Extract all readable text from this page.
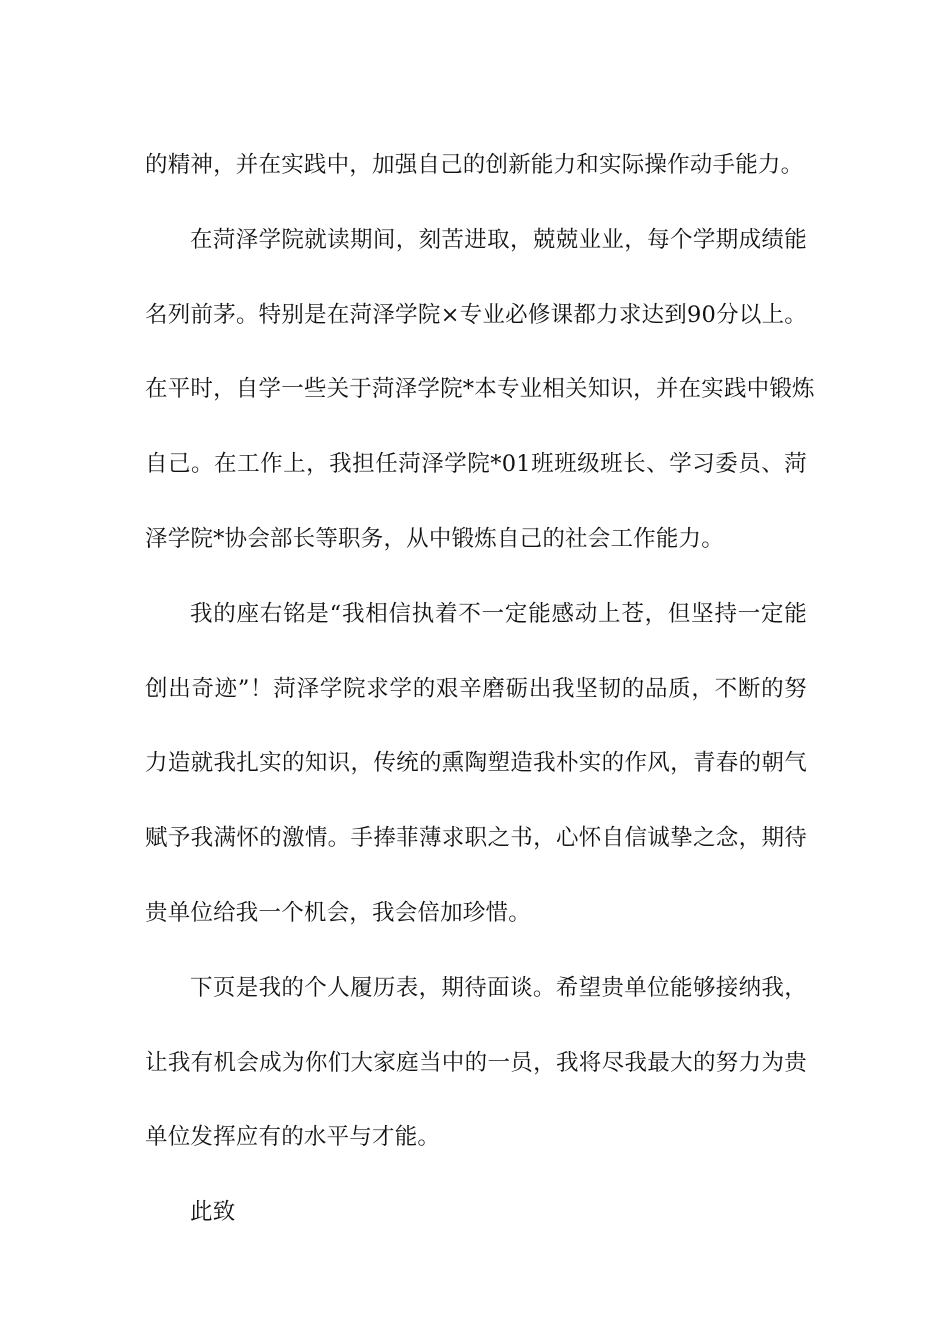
的精神，并在实践中，加强自己的创新能力和实际操作动手能力。
在菏泽学院就读期间，刻苦进取，兢兢业业，每个学期成绩能
名列前茅。特别是在菏泽学院×专业必修课都力求达到90分以上。
在平时，自学一些关于菏泽学院*本专业相关知识，并在实践中锻炼
自己。在工作上，我担任菏泽学院*01班班级班长、学习委员、菏
泽学院*协会部长等职务，从中锻炼自己的社会工作能力。
我的座右铭是“我相信执着不一定能感动上苍，但坚持一定能
创出奇迹”！菏泽学院求学的艰辛磨砺出我坚韧的品质，不断的努
力造就我扎实的知识，传统的熏陶塑造我朴实的作风，青春的朝气
赋予我满怀的激情。手捧菲薄求职之书，心怀自信诚挚之念，期待
贵单位给我一个机会，我会倍加珍惜。
下页是我的个人履历表，期待面谈。希望贵单位能够接纳我，
让我有机会成为你们大家庭当中的一员，我将尽我最大的努力为贵
单位发挥应有的水平与才能。
此致
